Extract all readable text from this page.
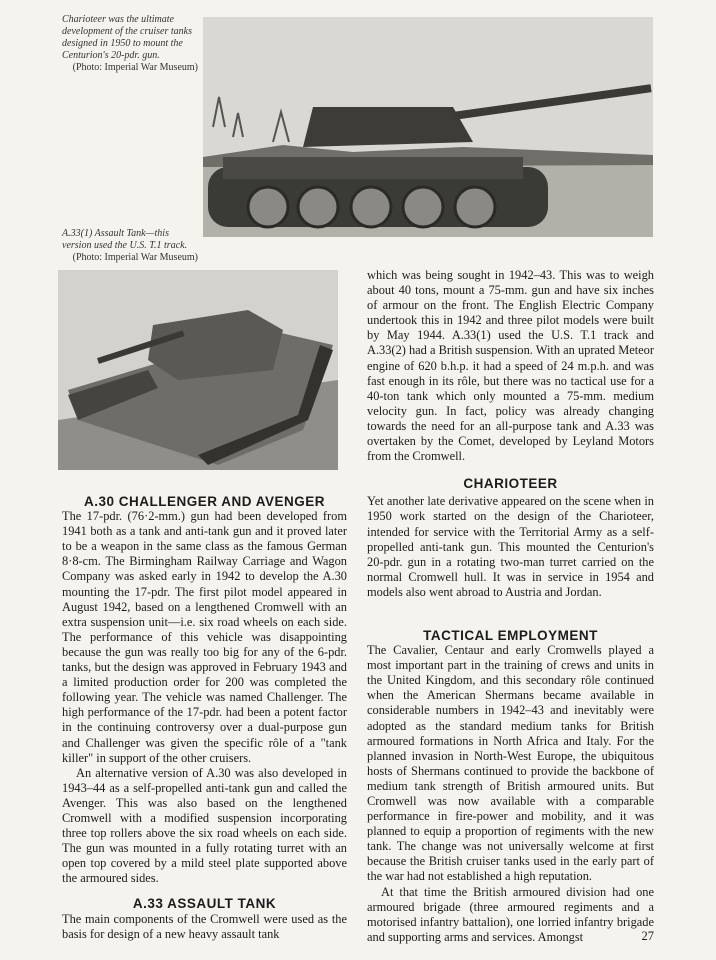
Charioteer was the ultimate development of the cruiser tanks designed in 1950 to mount the Centurion's 20-pdr. gun.
(Photo: Imperial War Museum)
A.33(1) Assault Tank—this version used the U.S. T.1 track.
(Photo: Imperial War Museum)

which was being sought in 1942–43. This was to weigh about 40 tons, mount a 75-mm. gun and have six inches of armour on the front. The English Electric Company undertook this in 1942 and three pilot models were built by May 1944. A.33(1) used the U.S. T.1 track and A.33(2) had a British suspension. With an uprated Meteor engine of 620 b.h.p. it had a speed of 24 m.p.h. and was fast enough in its rôle, but there was no tactical use for a 40-ton tank which only mounted a 75-mm. medium velocity gun. In fact, policy was already changing towards the need for an all-purpose tank and A.33 was overtaken by the Comet, developed by Leyland Motors from the Cromwell.

CHARIOTEER

Yet another late derivative appeared on the scene when in 1950 work started on the design of the Charioteer, intended for service with the Territorial Army as a self-propelled anti-tank gun. This mounted the Centurion's 20-pdr. gun in a rotating two-man turret carried on the normal Cromwell hull. It was in service in 1954 and models also went abroad to Austria and Jordan.

TACTICAL EMPLOYMENT

The Cavalier, Centaur and early Cromwells played a most important part in the training of crews and units in the United Kingdom, and this secondary rôle continued when the American Shermans became available in considerable numbers in 1942–43 and inevitably were adopted as the standard medium tanks for British armoured formations in North Africa and Italy. For the planned invasion in North-West Europe, the ubiquitous hosts of Shermans continued to provide the backbone of medium tank strength of British armoured units. But Cromwell was now available with a comparable performance in fire-power and mobility, and it was planned to equip a proportion of regiments with the new tank. The change was not universally welcome at first because the British cruiser tanks used in the early part of the war had not established a high reputation.

At that time the British armoured division had one armoured brigade (three armoured regiments and a motorised infantry battalion), one lorried infantry brigade and supporting arms and services. Amongst

A.30 CHALLENGER AND AVENGER

The 17-pdr. (76·2-mm.) gun had been developed from 1941 both as a tank and anti-tank gun and it proved later to be a weapon in the same class as the famous German 8·8-cm. The Birmingham Railway Carriage and Wagon Company was asked early in 1942 to develop the A.30 mounting the 17-pdr. The first pilot model appeared in August 1942, based on a lengthened Cromwell with an extra suspension unit—i.e. six road wheels on each side. The performance of this vehicle was disappointing because the gun was really too big for any of the 6-pdr. tanks, but the design was approved in February 1943 and a limited production order for 200 was completed the following year. The vehicle was named Challenger. The high performance of the 17-pdr. had been a potent factor in the continuing controversy over a dual-purpose gun and Challenger was given the specific rôle of a "tank killer" in support of the other cruisers.

An alternative version of A.30 was also developed in 1943–44 as a self-propelled anti-tank gun and called the Avenger. This was also based on the lengthened Cromwell with a modified suspension incorporating three top rollers above the six road wheels on each side. The gun was mounted in a fully rotating turret with an open top covered by a mild steel plate supported above the armoured sides.

A.33 ASSAULT TANK

The main components of the Cromwell were used as the basis for design of a new heavy assault tank	27
